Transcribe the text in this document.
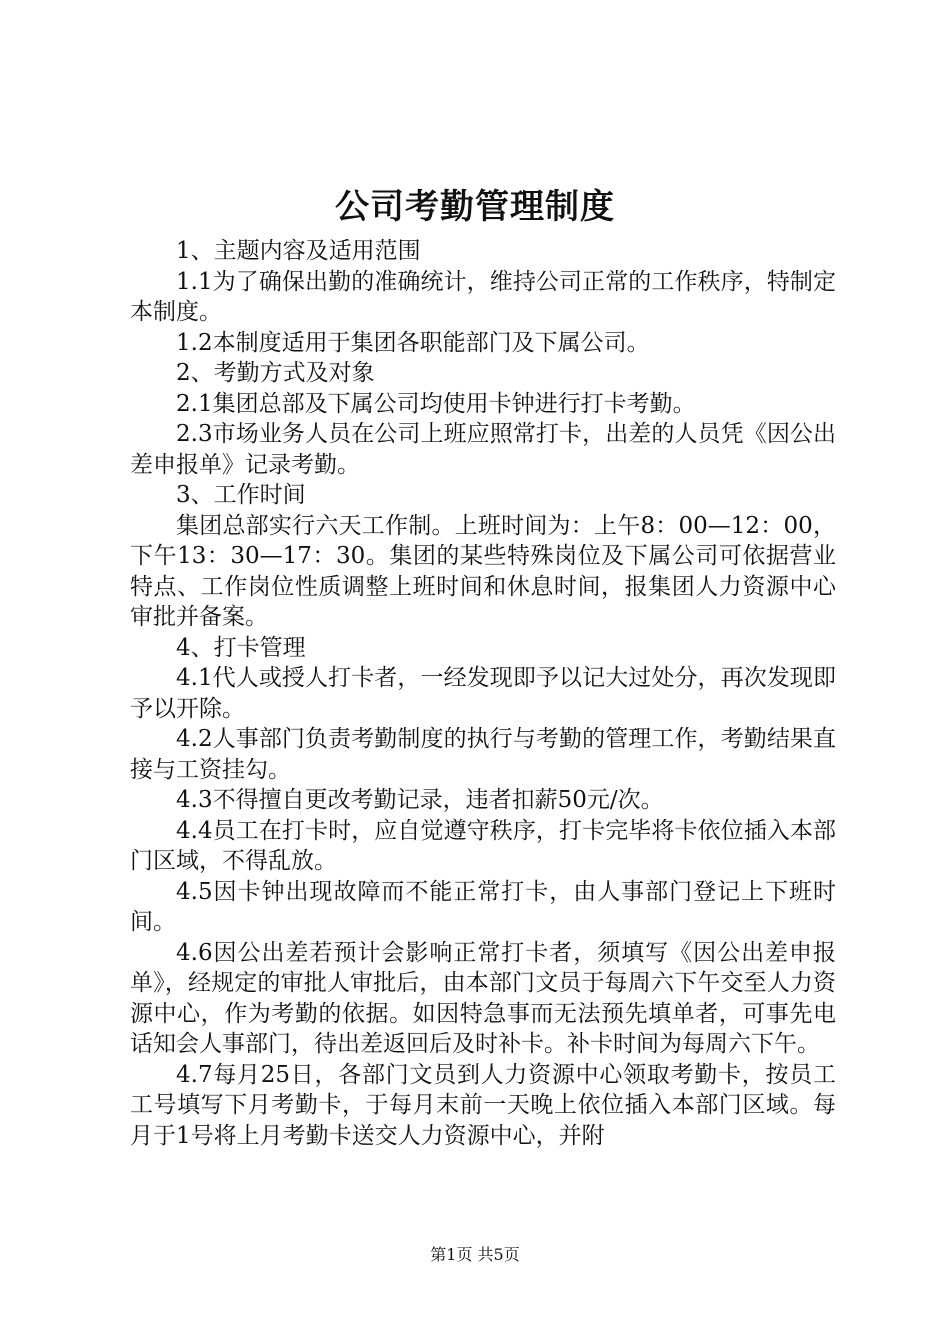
公司考勤管理制度

1、主题内容及适用范围

1.1为了确保出勤的准确统计，维持公司正常的工作秩序，特制定本制度。

1.2本制度适用于集团各职能部门及下属公司。

2、考勤方式及对象

2.1集团总部及下属公司均使用卡钟进行打卡考勤。

2.3市场业务人员在公司上班应照常打卡，出差的人员凭《因公出差申报单》记录考勤。

3、工作时间

集团总部实行六天工作制。上班时间为：上午8：00—12：00，下午13：30—17：30。集团的某些特殊岗位及下属公司可依据营业特点、工作岗位性质调整上班时间和休息时间，报集团人力资源中心审批并备案。

4、打卡管理

4.1代人或授人打卡者，一经发现即予以记大过处分，再次发现即予以开除。

4.2人事部门负责考勤制度的执行与考勤的管理工作，考勤结果直接与工资挂勾。

4.3不得擅自更改考勤记录，违者扣薪50元/次。

4.4员工在打卡时，应自觉遵守秩序，打卡完毕将卡依位插入本部门区域，不得乱放。

4.5因卡钟出现故障而不能正常打卡，由人事部门登记上下班时间。

4.6因公出差若预计会影响正常打卡者，须填写《因公出差申报单》，经规定的审批人审批后，由本部门文员于每周六下午交至人力资源中心，作为考勤的依据。如因特急事而无法预先填单者，可事先电话知会人事部门，待出差返回后及时补卡。补卡时间为每周六下午。

4.7每月25日，各部门文员到人力资源中心领取考勤卡，按员工工号填写下月考勤卡，于每月末前一天晚上依位插入本部门区域。每月于1号将上月考勤卡送交人力资源中心，并附

第1页 共5页
